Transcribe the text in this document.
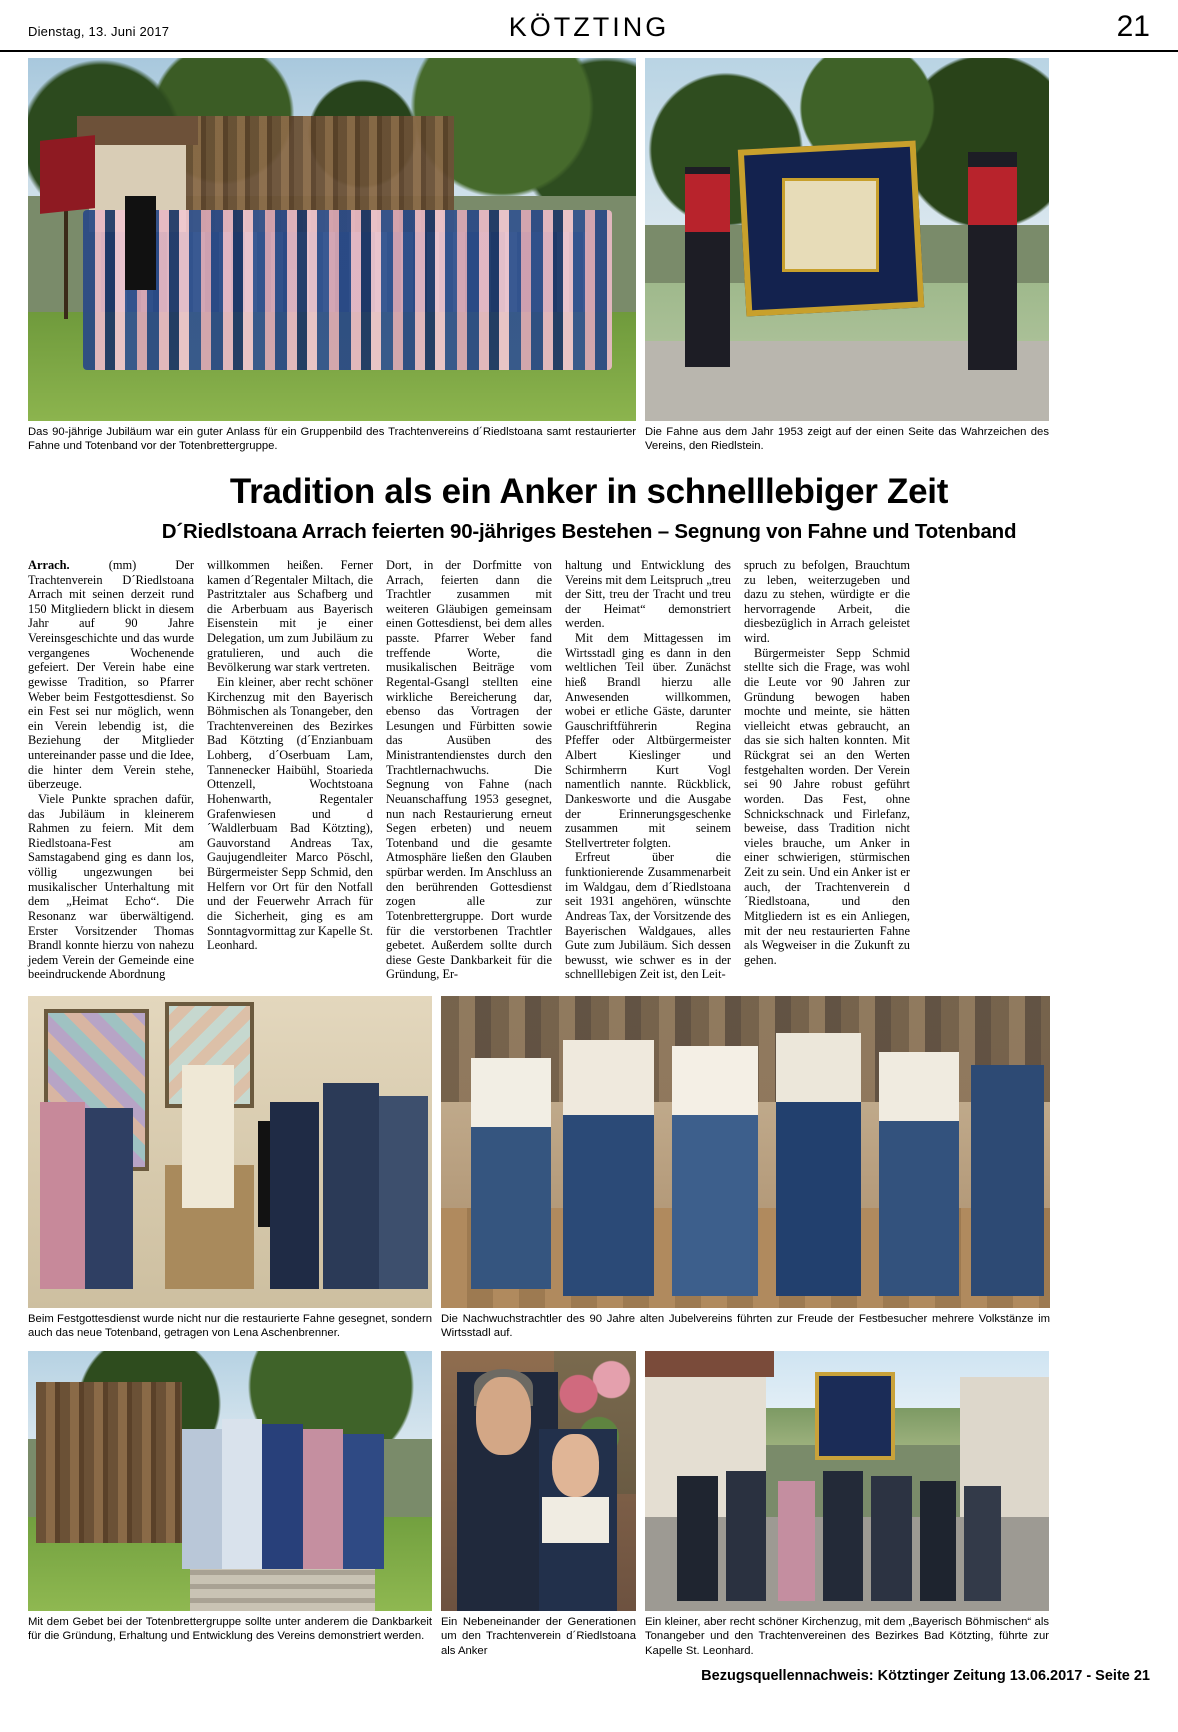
Dienstag, 13. Juni 2017	KÖTZTING	21
Das 90-jährige Jubiläum war ein guter Anlass für ein Gruppenbild des Trachtenvereins d´Riedlstoana samt restaurierter Fahne und Totenband vor der Totenbrettergruppe.
Die Fahne aus dem Jahr 1953 zeigt auf der einen Seite das Wahrzeichen des Vereins, den Riedlstein.
Tradition als ein Anker in schnelllebiger Zeit
D´Riedlstoana Arrach feierten 90-jähriges Bestehen – Segnung von Fahne und Totenband

Arrach. (mm) Der Trachtenverein D´Riedlstoana Arrach mit seinen derzeit rund 150 Mitgliedern blickt in diesem Jahr auf 90 Jahre Vereinsgeschichte und das wurde vergangenes Wochenende gefeiert. Der Verein habe eine gewisse Tradition, so Pfarrer Weber beim Festgottesdienst. So ein Fest sei nur möglich, wenn ein Verein lebendig ist, die Beziehung der Mitglieder untereinander passe und die Idee, die hinter dem Verein stehe, überzeuge.

Viele Punkte sprachen dafür, das Jubiläum in kleinerem Rahmen zu feiern. Mit dem Riedlstoana-Fest am Samstagabend ging es dann los, völlig ungezwungen bei musikalischer Unterhaltung mit dem „Heimat Echo“. Die Resonanz war überwältigend. Erster Vorsitzender Thomas Brandl konnte hierzu von nahezu jedem Verein der Gemeinde eine beeindruckende Abordnung

willkommen heißen. Ferner kamen d´Regentaler Miltach, die Pastritztaler aus Schafberg und die Arberbuam aus Bayerisch Eisenstein mit je einer Delegation, um zum Jubiläum zu gratulieren, und auch die Bevölkerung war stark vertreten.

Ein kleiner, aber recht schöner Kirchenzug mit den Bayerisch Böhmischen als Tonangeber, den Trachtenvereinen des Bezirkes Bad Kötzting (d´Enzianbuam Lohberg, d´Oserbuam Lam, Tannenecker Haibühl, Stoarieda Ottenzell, Wochtstoana Hohenwarth, Regentaler Grafenwiesen und d´Waldlerbuam Bad Kötzting), Gauvorstand Andreas Tax, Gaujugendleiter Marco Pöschl, Bürgermeister Sepp Schmid, den Helfern vor Ort für den Notfall und der Feuerwehr Arrach für die Sicherheit, ging es am Sonntagvormittag zur Kapelle St. Leonhard.

Dort, in der Dorfmitte von Arrach, feierten dann die Trachtler zusammen mit weiteren Gläubigen gemeinsam einen Gottesdienst, bei dem alles passte. Pfarrer Weber fand treffende Worte, die musikalischen Beiträge vom Regental-Gsangl stellten eine wirkliche Bereicherung dar, ebenso das Vortragen der Lesungen und Fürbitten sowie das Ausüben des Ministrantendienstes durch den Trachtlernachwuchs. Die Segnung von Fahne (nach Neuanschaffung 1953 gesegnet, nun nach Restaurierung erneut Segen erbeten) und neuem Totenband und die gesamte Atmosphäre ließen den Glauben spürbar werden. Im Anschluss an den berührenden Gottesdienst zogen alle zur Totenbrettergruppe. Dort wurde für die verstorbenen Trachtler gebetet. Außerdem sollte durch diese Geste Dankbarkeit für die Gründung, Er-

haltung und Entwicklung des Vereins mit dem Leitspruch „treu der Sitt, treu der Tracht und treu der Heimat“ demonstriert werden.

Mit dem Mittagessen im Wirtsstadl ging es dann in den weltlichen Teil über. Zunächst hieß Brandl hierzu alle Anwesenden willkommen, wobei er etliche Gäste, darunter Gauschriftführerin Regina Pfeffer oder Altbürgermeister Albert Kieslinger und Schirmherrn Kurt Vogl namentlich nannte. Rückblick, Dankesworte und die Ausgabe der Erinnerungsgeschenke zusammen mit seinem Stellvertreter folgten.

Erfreut über die funktionierende Zusammenarbeit im Waldgau, dem d´Riedlstoana seit 1931 angehören, wünschte Andreas Tax, der Vorsitzende des Bayerischen Waldgaues, alles Gute zum Jubiläum. Sich dessen bewusst, wie schwer es in der schnelllebigen Zeit ist, den Leit-

spruch zu befolgen, Brauchtum zu leben, weiterzugeben und dazu zu stehen, würdigte er die hervorragende Arbeit, die diesbezüglich in Arrach geleistet wird.

Bürgermeister Sepp Schmid stellte sich die Frage, was wohl die Leute vor 90 Jahren zur Gründung bewogen haben mochte und meinte, sie hätten vielleicht etwas gebraucht, an das sie sich halten konnten. Mit Rückgrat sei an den Werten festgehalten worden. Der Verein sei 90 Jahre robust geführt worden. Das Fest, ohne Schnickschnack und Firlefanz, beweise, dass Tradition nicht vieles brauche, um Anker in einer schwierigen, stürmischen Zeit zu sein. Und ein Anker ist er auch, der Trachtenverein d´Riedlstoana, und den Mitgliedern ist es ein Anliegen, mit der neu restaurierten Fahne als Wegweiser in die Zukunft zu gehen.

Beim Festgottesdienst wurde nicht nur die restaurierte Fahne gesegnet, sondern auch das neue Totenband, getragen von Lena Aschenbrenner.
Die Nachwuchstrachtler des 90 Jahre alten Jubelvereins führten zur Freude der Festbesucher mehrere Volkstänze im Wirtsstadl auf.
Mit dem Gebet bei der Totenbrettergruppe sollte unter anderem die Dankbarkeit für die Gründung, Erhaltung und Entwicklung des Vereins demonstriert werden.
Ein Nebeneinander der Generationen um den Trachtenverein d´Riedlstoana als Anker
Ein kleiner, aber recht schöner Kirchenzug, mit dem „Bayerisch Böhmischen“ als Tonangeber und den Trachtenvereinen des Bezirkes Bad Kötzting, führte zur Kapelle St. Leonhard.
Bezugsquellennachweis: Kötztinger Zeitung 13.06.2017 - Seite 21
